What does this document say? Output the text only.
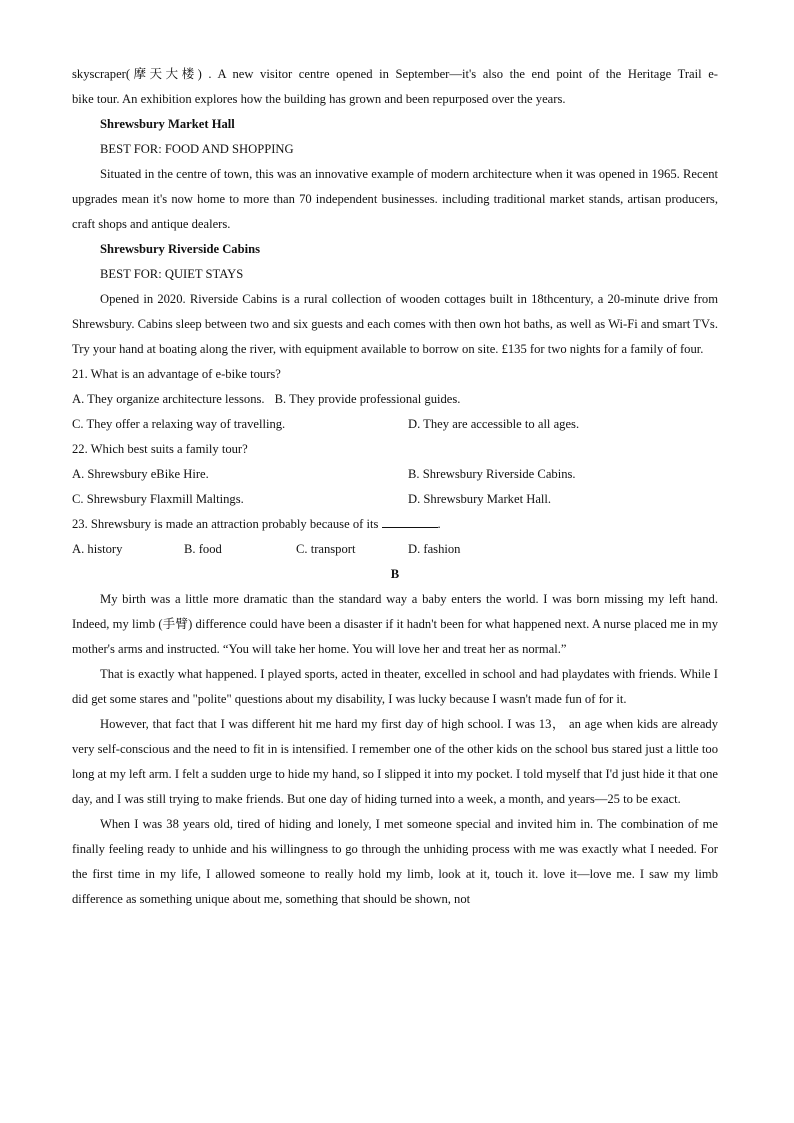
skyscraper(摩天大楼) . A new visitor centre opened in September—it's also the end point of the Heritage Trail e-

bike tour. An exhibition explores how the building has grown and been repurposed over the years.

Shrewsbury Market Hall

BEST FOR: FOOD AND SHOPPING

Situated in the centre of town, this was an innovative example of modern architecture when it was opened in 1965. Recent upgrades mean it's now home to more than 70 independent businesses. including traditional market stands, artisan producers, craft shops and antique dealers.

Shrewsbury Riverside Cabins

BEST FOR: QUIET STAYS

Opened in 2020. Riverside Cabins is a rural collection of wooden cottages built in 18thcentury, a 20-minute drive from Shrewsbury. Cabins sleep between two and six guests and each comes with then own hot baths, as well as Wi-Fi and smart TVs. Try your hand at boating along the river, with equipment available to borrow on site. £135 for two nights for a family of four.

21. What is an advantage of e-bike tours?

A. They organize architecture lessons. B. They provide professional guides.
C. They offer a relaxing way of travelling.	D. They are accessible to all ages.

22. Which best suits a family tour?

A. Shrewsbury eBike Hire.	B. Shrewsbury Riverside Cabins.
C. Shrewsbury Flaxmill Maltings.	D. Shrewsbury Market Hall.

23. Shrewsbury is made an attraction probably because of its	.

A. history	B. food	C. transport	D. fashion

B

My birth was a little more dramatic than the standard way a baby enters the world. I was born missing my left hand. Indeed, my limb (手臂) difference could have been a disaster if it hadn't been for what happened next. A nurse placed me in my mother's arms and instructed. “You will take her home. You will love her and treat her as normal.”

That is exactly what happened. I played sports, acted in theater, excelled in school and had playdates with friends. While I did get some stares and "polite" questions about my disability, I was lucky because I wasn't made fun of for it.

However, that fact that I was different hit me hard my first day of high school. I was 13， an age when kids are already very self-conscious and the need to fit in is intensified. I remember one of the other kids on the school bus stared just a little too long at my left arm. I felt a sudden urge to hide my hand, so I slipped it into my pocket. I told myself that I'd just hide it that one day, and I was still trying to make friends. But one day of hiding turned into a week, a month, and years—25 to be exact.

When I was 38 years old, tired of hiding and lonely, I met someone special and invited him in. The combination of me finally feeling ready to unhide and his willingness to go through the unhiding process with me was exactly what I needed. For the first time in my life, I allowed someone to really hold my limb, look at it, touch it. love it—love me. I saw my limb difference as something unique about me, something that should be shown, not
